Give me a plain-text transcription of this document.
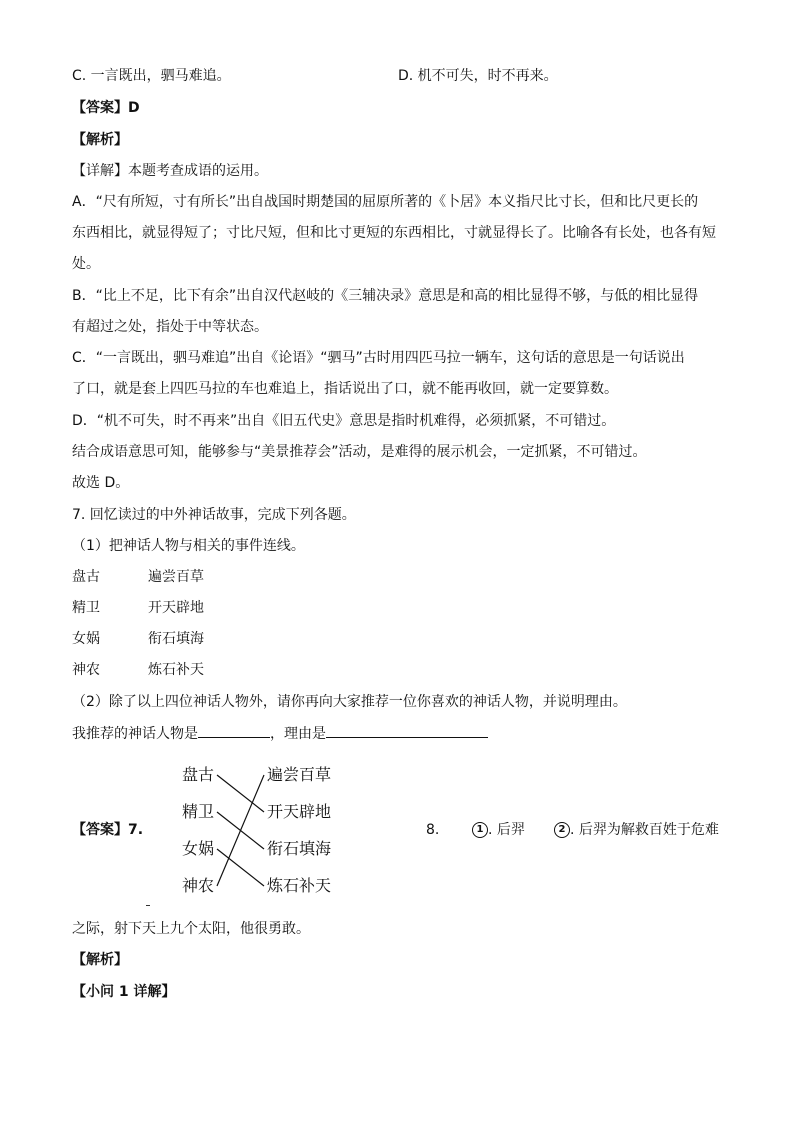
C. 一言既出，驷马难追。	D. 机不可失，时不再来。
【答案】D
【解析】
【详解】本题考查成语的运用。
A．“尺有所短，寸有所长”出自战国时期楚国的屈原所著的《卜居》本义指尺比寸长，但和比尺更长的
东西相比，就显得短了；寸比尺短，但和比寸更短的东西相比，寸就显得长了。比喻各有长处，也各有短
处。
B．“比上不足，比下有余”出自汉代赵岐的《三辅决录》意思是和高的相比显得不够，与低的相比显得
有超过之处，指处于中等状态。
C．“一言既出，驷马难追”出自《论语》“驷马”古时用四匹马拉一辆车，这句话的意思是一句话说出
了口，就是套上四匹马拉的车也难追上，指话说出了口，就不能再收回，就一定要算数。
D．“机不可失，时不再来”出自《旧五代史》意思是指时机难得，必须抓紧，不可错过。
结合成语意思可知，能够参与“美景推荐会”活动，是难得的展示机会，一定抓紧，不可错过。
故选 D。
7. 回忆读过的中外神话故事，完成下列各题。
（1）把神话人物与相关的事件连线。
盘古	遍尝百草
精卫	开天辟地
女娲	衔石填海
神农	炼石补天
（2）除了以上四位神话人物外，请你再向大家推荐一位你喜欢的神话人物，并说明理由。
我推荐的神话人物是	，理由是
盘古
精卫
女娲
神农
遍尝百草
开天辟地
衔石填海
炼石补天
【答案】7.	8.	1 . 后羿	2 . 后羿为解救百姓于危难
之际，射下天上九个太阳，他很勇敢。
【解析】
【小问 1 详解】
